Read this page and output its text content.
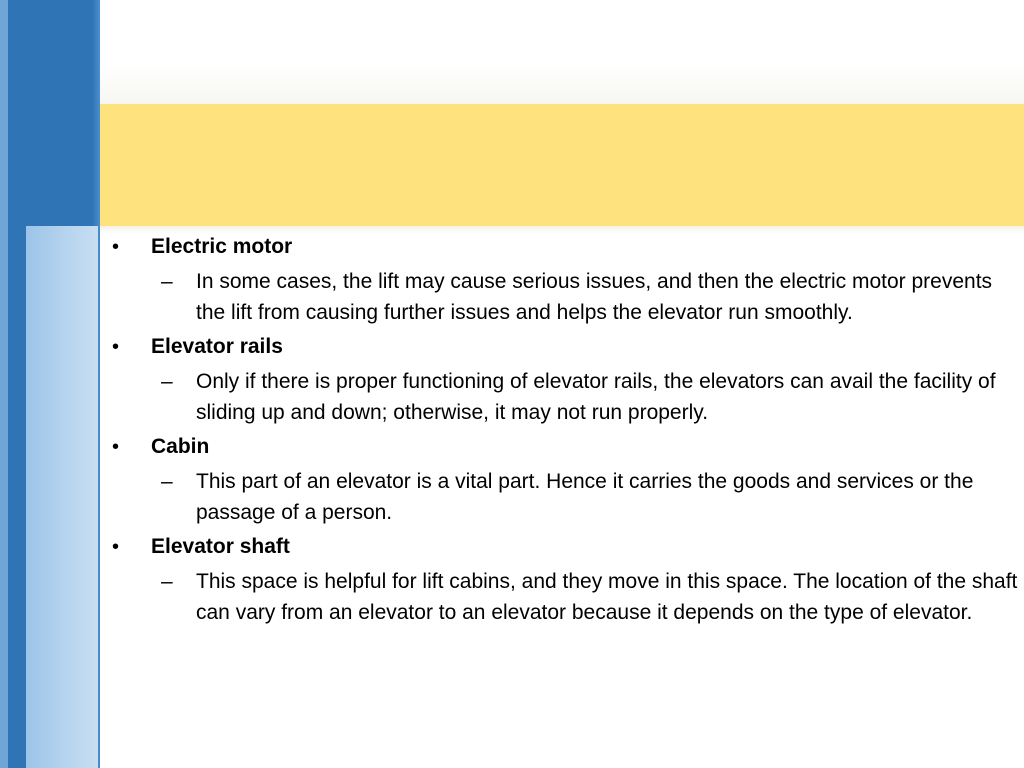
•	Electric motor
–	In some cases, the lift may cause serious issues, and then the electric motor prevents the lift from causing further issues and helps the elevator run smoothly.
•	Elevator rails
–	Only if there is proper functioning of elevator rails, the elevators can avail the facility of sliding up and down; otherwise, it may not run properly.
•	Cabin
–	This part of an elevator is a vital part. Hence it carries the goods and services or the passage of a person.
•	Elevator shaft
–	This space is helpful for lift cabins, and they move in this space. The location of the shaft can vary from an elevator to an elevator because it depends on the type of elevator.
